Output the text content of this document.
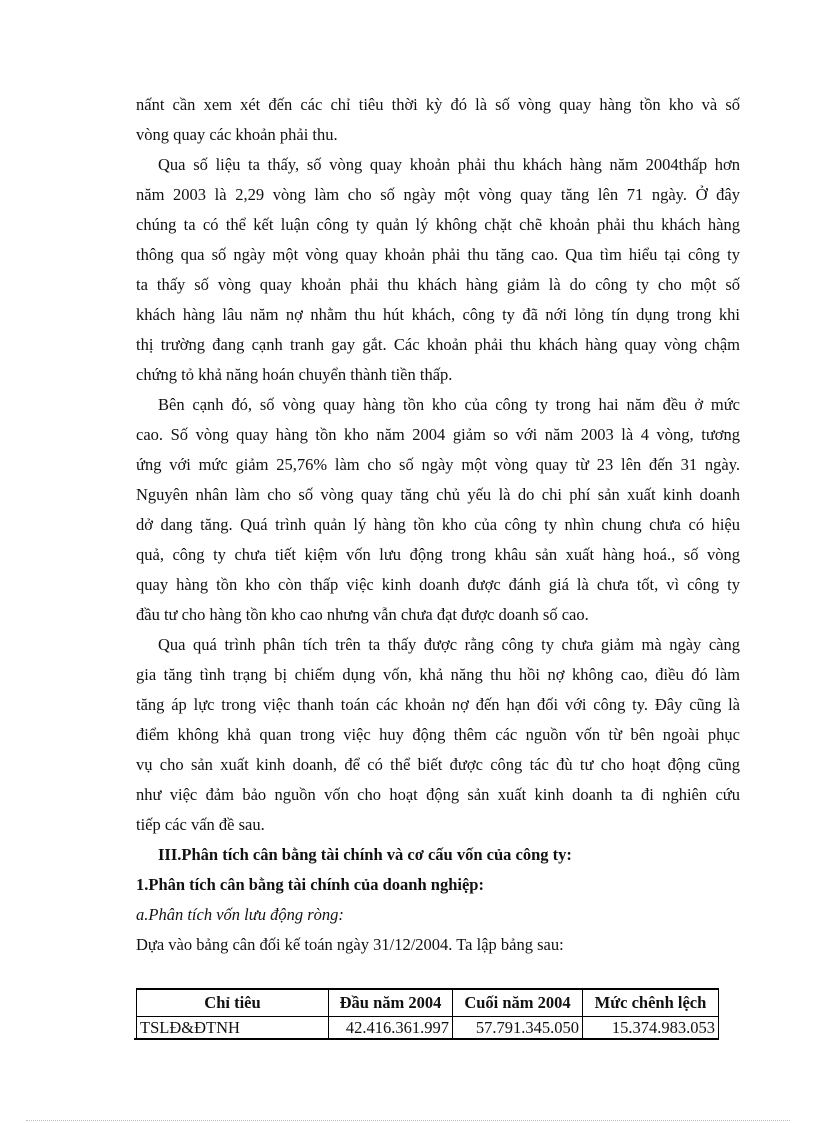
nấnt cần xem xét đến các chỉ tiêu thời kỳ đó là số vòng quay hàng tồn kho và số
vòng quay các khoản phải thu.
Qua số liệu ta thấy, số vòng quay khoản phải thu khách hàng năm 2004thấp hơn
năm 2003 là 2,29 vòng làm cho số ngày một vòng quay tăng lên 71 ngày. Ở đây
chúng ta có thể kết luận công ty quản lý không chặt chẽ khoản phải thu khách hàng
thông qua số ngày một vòng quay khoản phải thu tăng cao. Qua tìm hiểu tại công ty
ta thấy số vòng quay khoản phải thu khách hàng giảm là do công ty cho một số
khách hàng lâu năm nợ nhằm thu hút khách, công ty đã nới lỏng tín dụng trong khi
thị trường đang cạnh tranh gay gắt. Các khoản phải thu khách hàng quay vòng chậm
chứng tỏ khả năng hoán chuyển thành tiền thấp.
Bên cạnh đó, số vòng quay hàng tồn kho của công ty trong hai năm đều ở mức
cao. Số vòng quay hàng tồn kho năm 2004 giảm so với năm 2003 là 4 vòng, tương
ứng với mức giảm 25,76% làm cho số ngày một vòng quay từ 23 lên đến 31 ngày.
Nguyên nhân làm cho số vòng quay tăng chủ yếu là do chi phí sản xuất kinh doanh
dở dang tăng. Quá trình quản lý hàng tồn kho của công ty nhìn chung chưa có hiệu
quả, công ty chưa tiết kiệm vốn lưu động trong khâu sản xuất hàng hoá., số vòng
quay hàng tồn kho còn thấp việc kinh doanh được đánh giá là chưa tốt, vì công ty
đầu tư cho hàng tồn kho cao nhưng vẫn chưa đạt được doanh số cao.
Qua quá trình phân tích trên ta thấy được rằng công ty chưa giảm mà ngày càng
gia tăng tình trạng bị chiếm dụng vốn, khả năng thu hồi nợ không cao, điều đó làm
tăng áp lực trong việc thanh toán các khoản nợ đến hạn đối với công ty. Đây cũng là
điểm không khả quan trong việc huy động thêm các nguồn vốn từ bên ngoài phục
vụ cho sản xuất kinh doanh, để có thể biết được công tác đù tư cho hoạt động cũng
như việc đảm bảo nguồn vốn cho hoạt động sản xuất kinh doanh ta đi nghiên cứu
tiếp các vấn đề sau.
III.Phân tích cân bằng tài chính và cơ cấu vốn của công ty:
1.Phân tích cân bằng tài chính của doanh nghiệp:
a.Phân tích vốn lưu động ròng:
Dựa vào bảng cân đối kế toán ngày 31/12/2004. Ta lập bảng sau:
Chỉ tiêu	Đầu năm 2004	Cuối năm 2004	Mức chênh lệch
TSLĐ&ĐTNH	42.416.361.997	57.791.345.050	15.374.983.053
